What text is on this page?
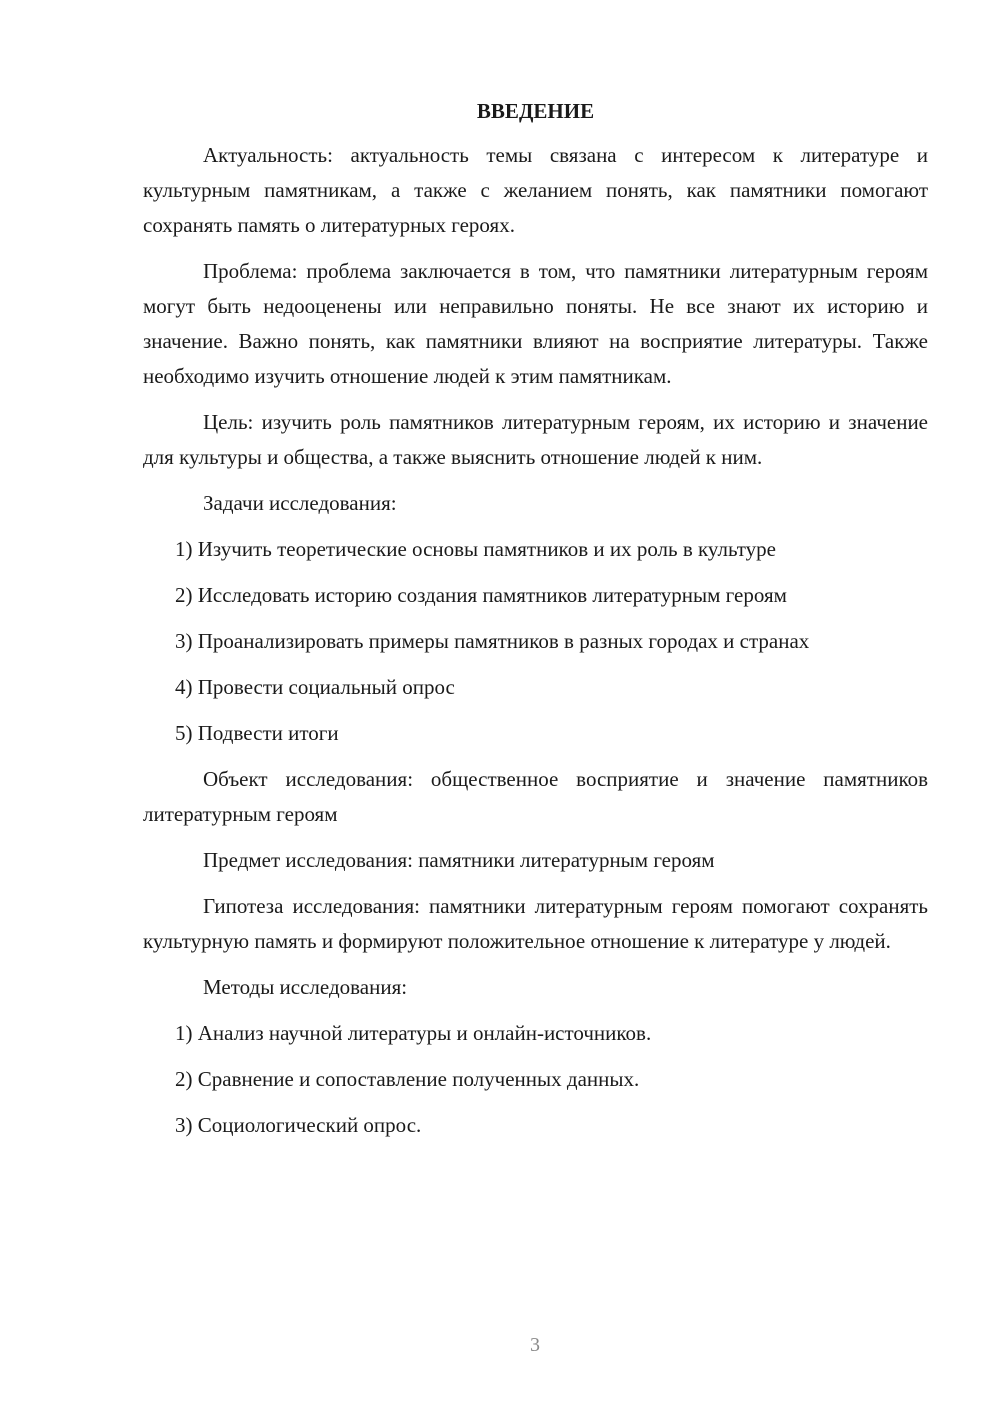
ВВЕДЕНИЕ

Актуальность: актуальность темы связана с интересом к литературе и культурным памятникам, а также с желанием понять, как памятники помогают сохранять память о литературных героях.

Проблема: проблема заключается в том, что памятники литературным героям могут быть недооценены или неправильно поняты. Не все знают их историю и значение. Важно понять, как памятники влияют на восприятие литературы. Также необходимо изучить отношение людей к этим памятникам.

Цель: изучить роль памятников литературным героям, их историю и значение для культуры и общества, а также выяснить отношение людей к ним.

Задачи исследования:

1) Изучить теоретические основы памятников и их роль в культуре

2) Исследовать историю создания памятников литературным героям

3) Проанализировать примеры памятников в разных городах и странах

4) Провести социальный опрос

5) Подвести итоги

Объект исследования: общественное восприятие и значение памятников литературным героям

Предмет исследования: памятники литературным героям

Гипотеза исследования: памятники литературным героям помогают сохранять культурную память и формируют положительное отношение к литературе у людей.

Методы исследования:

1) Анализ научной литературы и онлайн-источников.

2) Сравнение и сопоставление полученных данных.

3) Социологический опрос.

3
